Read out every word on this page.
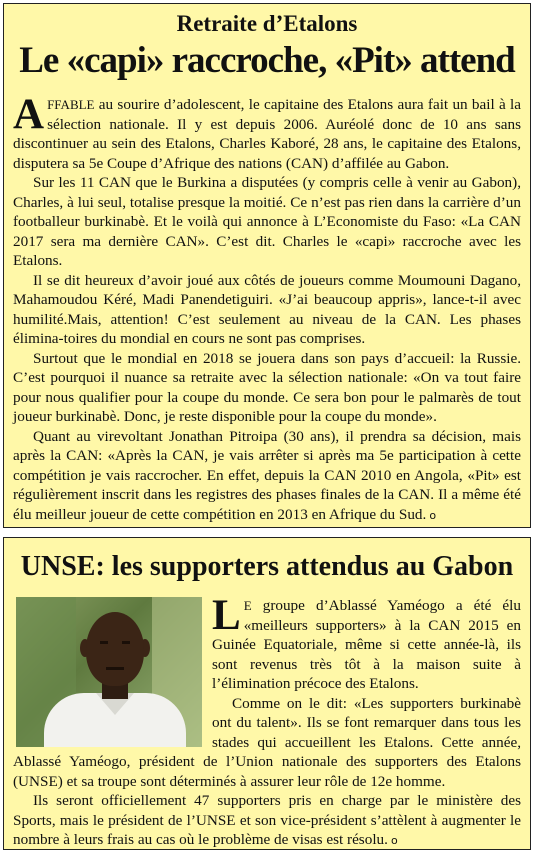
Retraite d’Etalons
Le «capi» raccroche, «Pit» attend

AFFABLE au sourire d’adolescent, le capitaine des Etalons aura fait un bail à la sélection nationale. Il y est depuis 2006. Auréolé donc de 10 ans sans discontinuer au sein des Etalons, Charles Kaboré, 28 ans, le capitaine des Etalons, disputera sa 5e Coupe d’Afrique des nations (CAN) d’affilée au Gabon.

Sur les 11 CAN que le Burkina a disputées (y compris celle à venir au Gabon), Charles, à lui seul, totalise presque la moitié. Ce n’est pas rien dans la carrière d’un footballeur burkinabè. Et le voilà qui annonce à L’Economiste du Faso: «La CAN 2017 sera ma dernière CAN». C’est dit. Charles le «capi» raccroche avec les Etalons.

Il se dit heureux d’avoir joué aux côtés de joueurs comme Moumouni Dagano, Mahamoudou Kéré, Madi Panendetiguiri. «J’ai beaucoup appris», lance-t-il avec humilité.Mais, attention! C’est seulement au niveau de la CAN. Les phases élimina-toires du mondial en cours ne sont pas comprises.

Surtout que le mondial en 2018 se jouera dans son pays d’accueil: la Russie. C’est pourquoi il nuance sa retraite avec la sélection nationale: «On va tout faire pour nous qualifier pour la coupe du monde. Ce sera bon pour le palmarès de tout joueur burkinabè. Donc, je reste disponible pour la coupe du monde».

Quant au virevoltant Jonathan Pitroipa (30 ans), il prendra sa décision, mais après la CAN: «Après la CAN, je vais arrêter si après ma 5e participation à cette compétition je vais raccrocher. En effet, depuis la CAN 2010 en Angola, «Pit» est régulièrement inscrit dans les registres des phases finales de la CAN. Il a même été élu meilleur joueur de cette compétition en 2013 en Afrique du Sud. o

UNSE: les supporters attendus au Gabon

LE groupe d’Ablassé Yaméogo a été élu «meilleurs supporters» à la CAN 2015 en Guinée Equatoriale, même si cette année-là, ils sont revenus très tôt à la maison suite à l’élimination précoce des Etalons.

Comme on le dit: «Les supporters burkinabè ont du talent». Ils se font remarquer dans tous les stades qui accueillent les Etalons. Cette année, Ablassé Yaméogo, président de l’Union nationale des supporters des Etalons (UNSE) et sa troupe sont déterminés à assurer leur rôle de 12e homme.

Ils seront officiellement 47 supporters pris en charge par le ministère des Sports, mais le président de l’UNSE et son vice-président s’attèlent à augmenter le nombre à leurs frais au cas où le problème de visas est résolu. o
